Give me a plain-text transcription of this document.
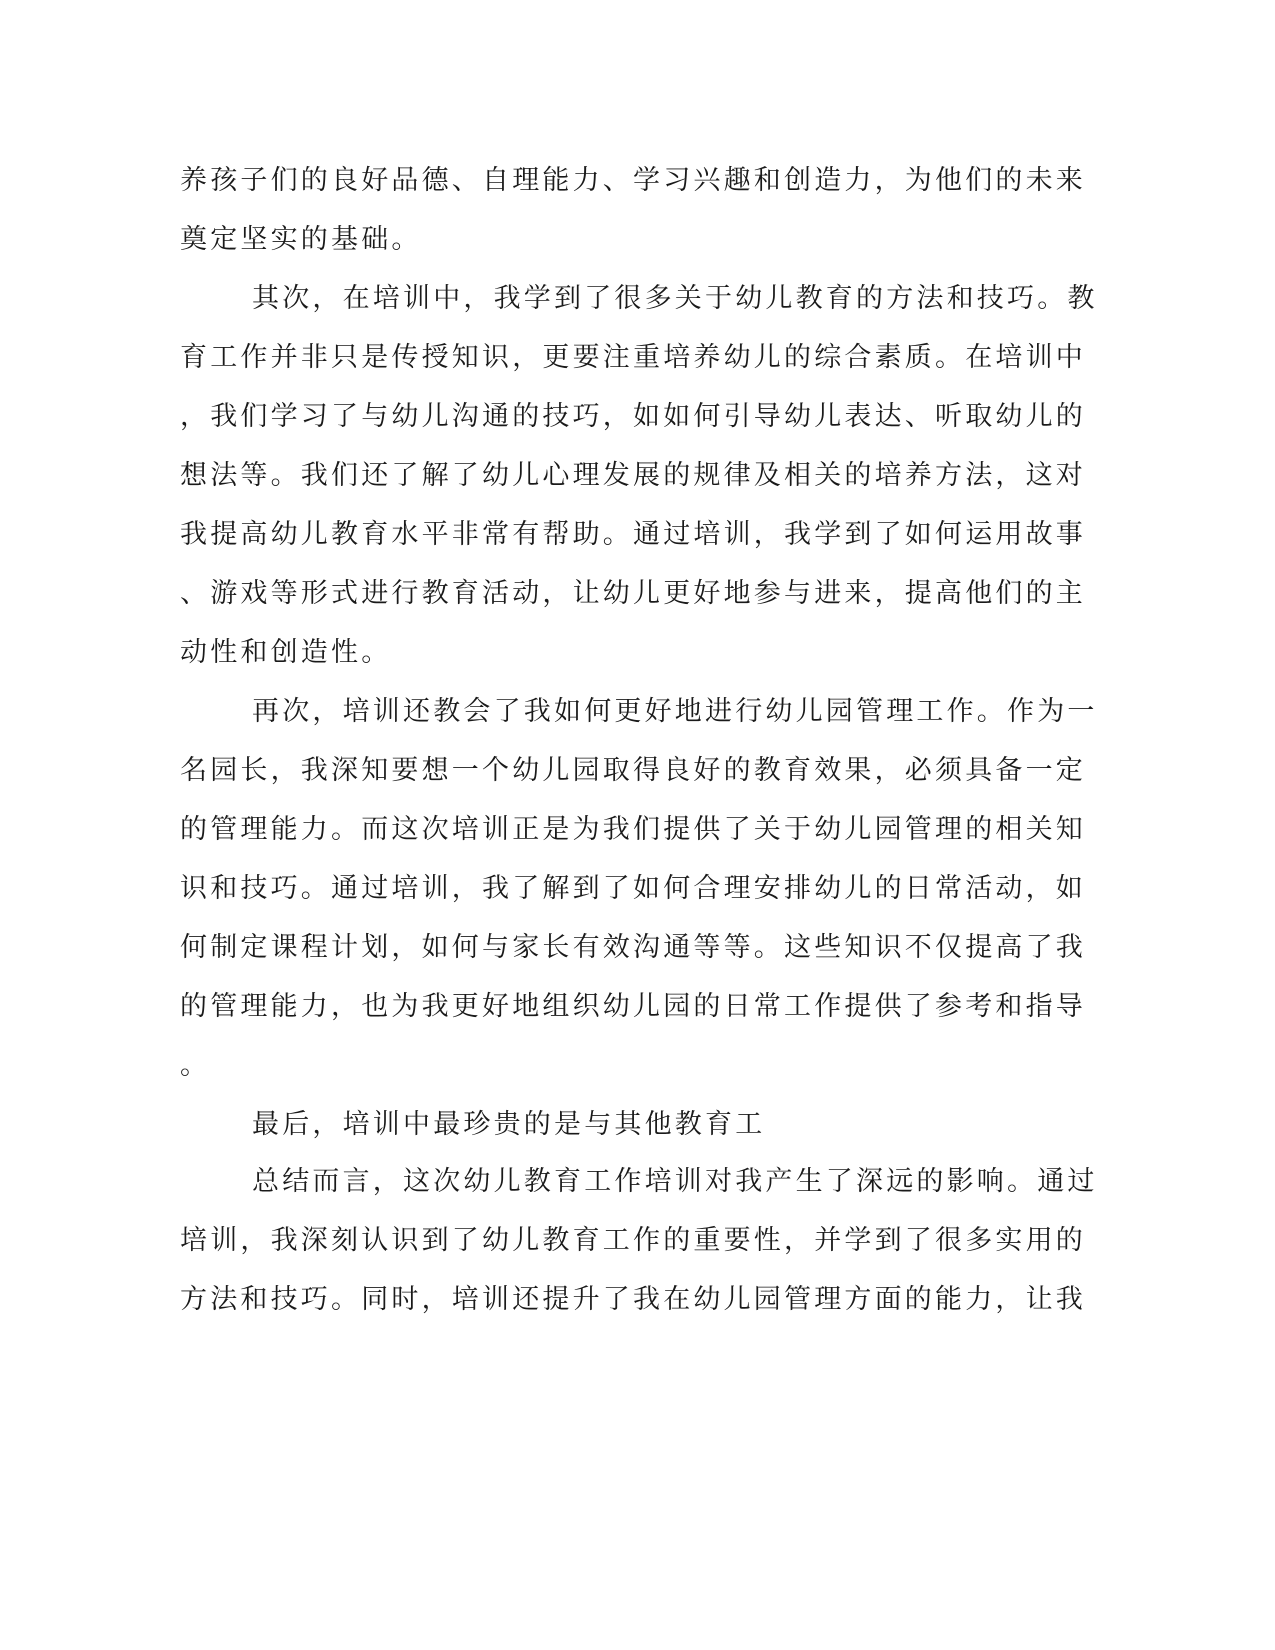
养孩子们的良好品德、自理能力、学习兴趣和创造力，为他们的未来
奠定坚实的基础。
其次，在培训中，我学到了很多关于幼儿教育的方法和技巧。教
育工作并非只是传授知识，更要注重培养幼儿的综合素质。在培训中
，我们学习了与幼儿沟通的技巧，如如何引导幼儿表达、听取幼儿的
想法等。我们还了解了幼儿心理发展的规律及相关的培养方法，这对
我提高幼儿教育水平非常有帮助。通过培训，我学到了如何运用故事
、游戏等形式进行教育活动，让幼儿更好地参与进来，提高他们的主
动性和创造性。
再次，培训还教会了我如何更好地进行幼儿园管理工作。作为一
名园长，我深知要想一个幼儿园取得良好的教育效果，必须具备一定
的管理能力。而这次培训正是为我们提供了关于幼儿园管理的相关知
识和技巧。通过培训，我了解到了如何合理安排幼儿的日常活动，如
何制定课程计划，如何与家长有效沟通等等。这些知识不仅提高了我
的管理能力，也为我更好地组织幼儿园的日常工作提供了参考和指导
。
最后，培训中最珍贵的是与其他教育工
总结而言，这次幼儿教育工作培训对我产生了深远的影响。通过
培训，我深刻认识到了幼儿教育工作的重要性，并学到了很多实用的
方法和技巧。同时，培训还提升了我在幼儿园管理方面的能力，让我
